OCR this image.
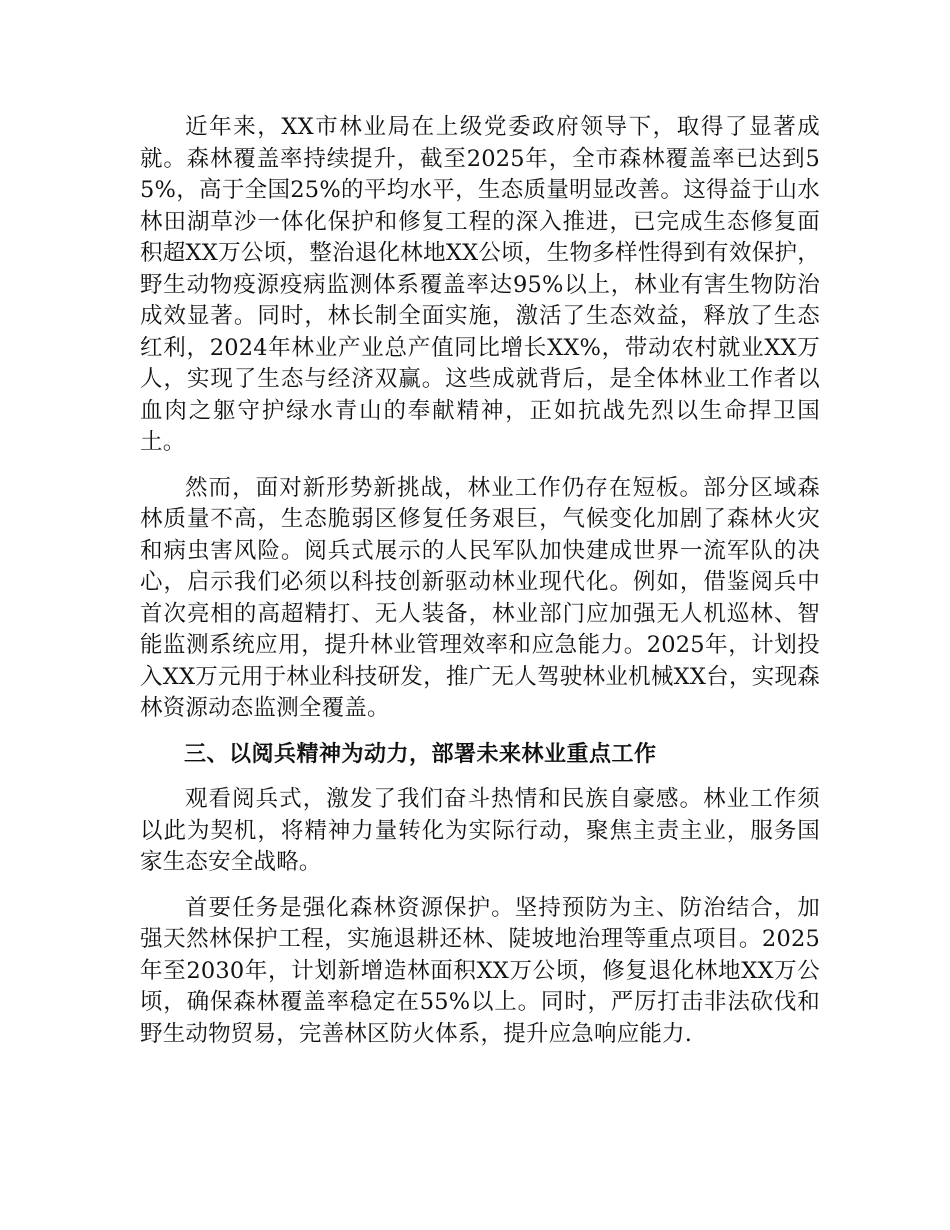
近年来，XX市林业局在上级党委政府领导下，取得了显著成就。森林覆盖率持续提升，截至2025年，全市森林覆盖率已达到55%，高于全国25%的平均水平，生态质量明显改善。这得益于山水林田湖草沙一体化保护和修复工程的深入推进，已完成生态修复面积超XX万公顷，整治退化林地XX公顷，生物多样性得到有效保护，野生动物疫源疫病监测体系覆盖率达95%以上，林业有害生物防治成效显著。同时，林长制全面实施，激活了生态效益，释放了生态红利，2024年林业产业总产值同比增长XX%，带动农村就业XX万人，实现了生态与经济双赢。这些成就背后，是全体林业工作者以血肉之躯守护绿水青山的奉献精神，正如抗战先烈以生命捍卫国土。

然而，面对新形势新挑战，林业工作仍存在短板。部分区域森林质量不高，生态脆弱区修复任务艰巨，气候变化加剧了森林火灾和病虫害风险。阅兵式展示的人民军队加快建成世界一流军队的决心，启示我们必须以科技创新驱动林业现代化。例如，借鉴阅兵中首次亮相的高超精打、无人装备，林业部门应加强无人机巡林、智能监测系统应用，提升林业管理效率和应急能力。2025年，计划投入XX万元用于林业科技研发，推广无人驾驶林业机械XX台，实现森林资源动态监测全覆盖。

三、以阅兵精神为动力，部署未来林业重点工作

观看阅兵式，激发了我们奋斗热情和民族自豪感。林业工作须以此为契机，将精神力量转化为实际行动，聚焦主责主业，服务国家生态安全战略。

首要任务是强化森林资源保护。坚持预防为主、防治结合，加强天然林保护工程，实施退耕还林、陡坡地治理等重点项目。2025年至2030年，计划新增造林面积XX万公顷，修复退化林地XX万公顷，确保森林覆盖率稳定在55%以上。同时，严厉打击非法砍伐和野生动物贸易，完善林区防火体系，提升应急响应能力.
